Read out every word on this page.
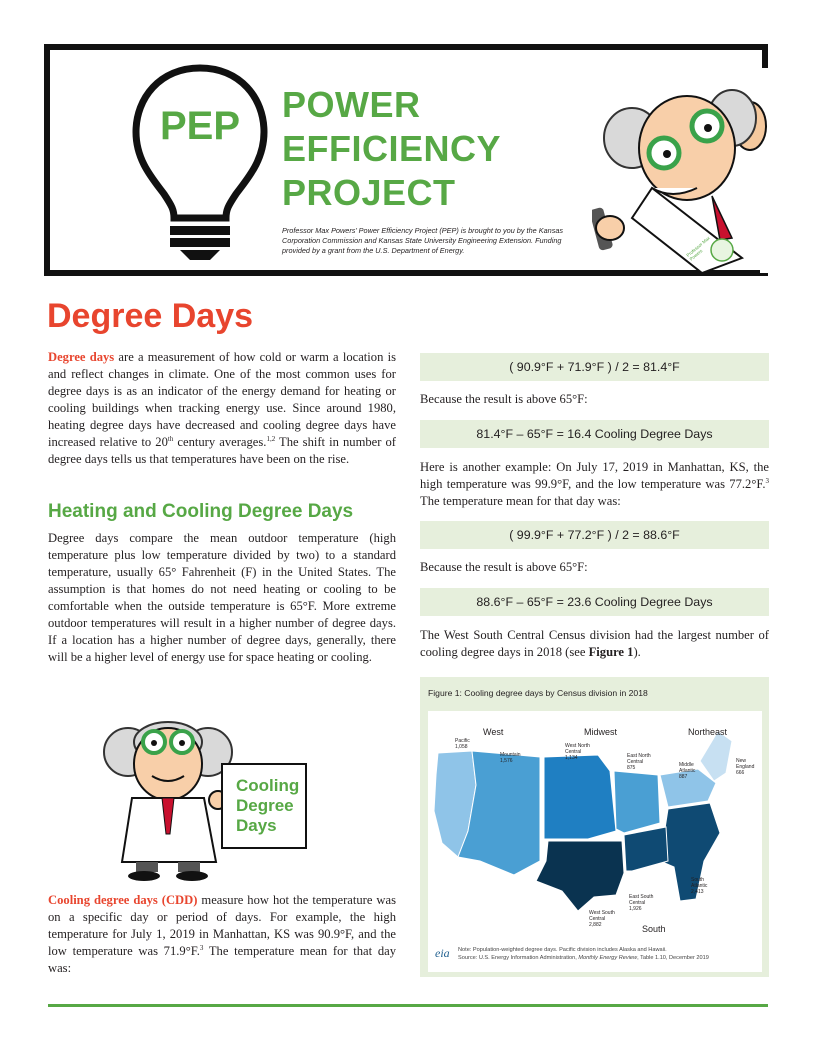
PEP POWER
EFFICIENCY
PROJECT
Professor Max Powers’ Power Efficiency Project (PEP) is brought to you by the Kansas Corporation Commission and Kansas State University Engineering Extension. Funding provided by a grant from the U.S. Department of Energy.	Professor Max Powers
Degree Days
Degree days are a measurement of how cold or warm a location is and reflect changes in climate. One of the most common uses for degree days is as an indicator of the energy demand for heating or cooling buildings when tracking energy use. Since around 1980, heating degree days have decreased and cooling degree days have increased relative to 20th century averages.$^{1,2}$ The shift in number of degree days tells us that temperatures have been on the rise.
Heating and Cooling Degree Days
Degree days compare the mean outdoor temperature (high temperature plus low temperature divided by two) to a standard temperature, usually 65° Fahrenheit (F) in the United States. The assumption is that homes do not need heating or cooling to be comfortable when the outside temperature is 65°F. More extreme outdoor temperatures will result in a higher number of degree days. If a location has a higher number of degree days, generally, there will be a higher level of energy use for space heating or cooling.
Cooling
Degree
Days
Cooling degree days (CDD) measure how hot the temperature was on a specific day or period of days. For example, the high temperature for July 1, 2019 in Manhattan, KS was 90.9°F, and the low temperature was 71.9°F.$^3$ The temperature mean for that day was:
( 90.9°F + 71.9°F ) / 2 = 81.4°F
Because the result is above 65°F:
81.4°F – 65°F = 16.4 Cooling Degree Days
Here is another example: On July 17, 2019 in Manhattan, KS, the high temperature was 99.9°F, and the low temperature was 77.2°F.$^3$ The temperature mean for that day was:
( 99.9°F + 77.2°F ) / 2 = 88.6°F
Because the result is above 65°F:
88.6°F – 65°F = 23.6 Cooling Degree Days
The West South Central Census division had the largest number of cooling degree days in 2018 (see Figure 1).
Figure 1: Cooling degree days by Census division in 2018
West	Midwest	Northeast
South
Pacific
1,058
Mountain
1,576
West North
Central
1,134	East North
Central
875	Middle
Atlantic
887
New
England
666
South
Atlantic
2,413
East South
Central
1,926
West South
Central
2,882
eia Note: Population-weighted degree days. Pacific division includes Alaska and Hawaii.
Source: U.S. Energy Information Administration, Monthly Energy Review, Table 1.10, December 2019
